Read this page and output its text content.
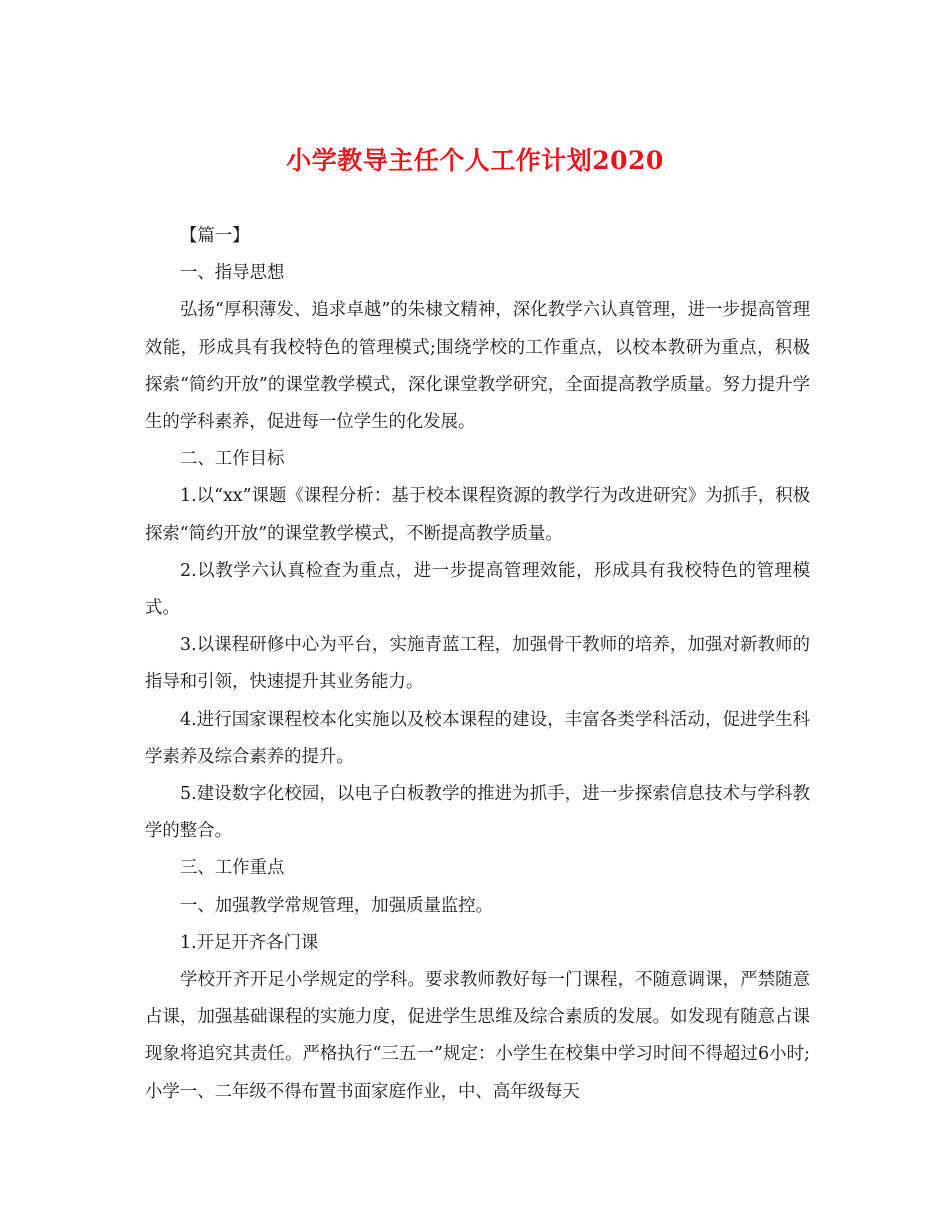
小学教导主任个人工作计划2020

【篇一】

一、指导思想

弘扬“厚积薄发、追求卓越”的朱棣文精神，深化教学六认真管理，进一步提高管理效能，形成具有我校特色的管理模式;围绕学校的工作重点，以校本教研为重点，积极探索“简约开放”的课堂教学模式，深化课堂教学研究，全面提高教学质量。努力提升学生的学科素养，促进每一位学生的化发展。

二、工作目标

1.以“xx”课题《课程分析：基于校本课程资源的教学行为改进研究》为抓手，积极探索“简约开放”的课堂教学模式，不断提高教学质量。

2.以教学六认真检查为重点，进一步提高管理效能，形成具有我校特色的管理模式。

3.以课程研修中心为平台，实施青蓝工程，加强骨干教师的培养，加强对新教师的指导和引领，快速提升其业务能力。

4.进行国家课程校本化实施以及校本课程的建设，丰富各类学科活动，促进学生科学素养及综合素养的提升。

5.建设数字化校园，以电子白板教学的推进为抓手，进一步探索信息技术与学科教学的整合。

三、工作重点

一、加强教学常规管理，加强质量监控。

1.开足开齐各门课

学校开齐开足小学规定的学科。要求教师教好每一门课程，不随意调课，严禁随意占课，加强基础课程的实施力度，促进学生思维及综合素质的发展。如发现有随意占课现象将追究其责任。严格执行“三五一”规定：小学生在校集中学习时间不得超过6小时;小学一、二年级不得布置书面家庭作业，中、高年级每天
